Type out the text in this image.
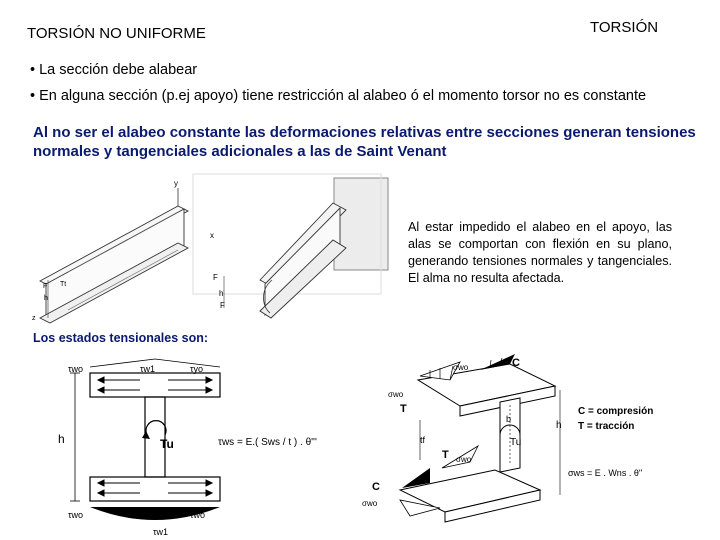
TORSIÓN NO UNIFORME	TORSIÓN
• La sección debe alabear
• En alguna sección (p.ej apoyo) tiene restricción al alabeo ó el momento torsor no es constante
Al no ser el alabeo constante las deformaciones relativas entre secciones generan tensiones normales y tangenciales adicionales a las de Saint Venant
y
x
F
h
F
F
h
z
Tt
Al estar impedido el alabeo en el apoyo, las alas se comportan con flexión en su plano, generando tensiones normales y tangenciales. El alma no resulta afectada.
Los estados tensionales son:
h	Tu
τwo	τw1	τyo
τwo	τwo
τw1
τws = E.( Sws / t ) . θ'''
b
σwo	C
σwo
T
Tu
h
tf
T σwo
C
σwo
C = compresión
T = tracción
σws = E . Wns . θ''
